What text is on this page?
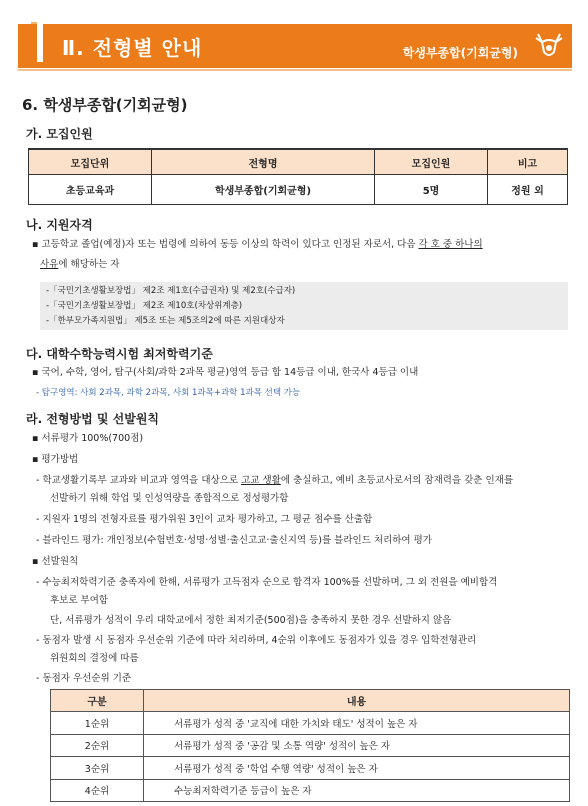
Ⅱ. 전형별 안내	학생부종합(기회균형)
6. 학생부종합(기회균형)
가. 모집인원
모집단위	전형명	모집인원	비고
초등교육과	학생부종합(기회균형)	5명	정원 외
나. 지원자격
▪ 고등학교 졸업(예정)자 또는 법령에 의하여 동등 이상의 학력이 있다고 인정된 자로서, 다음 각 호 중 하나의
사유에 해당하는 자
-「국민기초생활보장법」 제2조 제1호(수급권자) 및 제2호(수급자)
-「국민기초생활보장법」 제2조 제10호(차상위계층)
-「한부모가족지원법」 제5조 또는 제5조의2에 따른 지원대상자
다. 대학수학능력시험 최저학력기준
▪ 국어, 수학, 영어, 탐구(사회/과학 2과목 평균)영역 등급 합 14등급 이내, 한국사 4등급 이내
- 탐구영역: 사회 2과목, 과학 2과목, 사회 1과목+과학 1과목 선택 가능
라. 전형방법 및 선발원칙
▪ 서류평가 100%(700점)
▪ 평가방법
- 학교생활기록부 교과와 비교과 영역을 대상으로 고교 생활에 충실하고, 예비 초등교사로서의 잠재력을 갖춘 인재를
선발하기 위해 학업 및 인성역량을 종합적으로 정성평가함
- 지원자 1명의 전형자료를 평가위원 3인이 교차 평가하고, 그 평균 점수를 산출함
- 블라인드 평가: 개인정보(수험번호·성명·성별·출신고교·출신지역 등)를 블라인드 처리하여 평가
▪ 선발원칙
- 수능최저학력기준 충족자에 한해, 서류평가 고득점자 순으로 합격자 100%를 선발하며, 그 외 전원을 예비합격
후보로 부여함
단, 서류평가 성적이 우리 대학교에서 정한 최저기준(500점)을 충족하지 못한 경우 선발하지 않음
- 동점자 발생 시 동점자 우선순위 기준에 따라 처리하며, 4순위 이후에도 동점자가 있을 경우 입학전형관리
위원회의 결정에 따름
- 동점자 우선순위 기준
구분	내용
1순위	서류평가 성적 중 '교직에 대한 가치와 태도' 성적이 높은 자
2순위	서류평가 성적 중 '공감 및 소통 역량' 성적이 높은 자
3순위	서류평가 성적 중 '학업 수행 역량' 성적이 높은 자
4순위	수능최저학력기준 등급이 높은 자
